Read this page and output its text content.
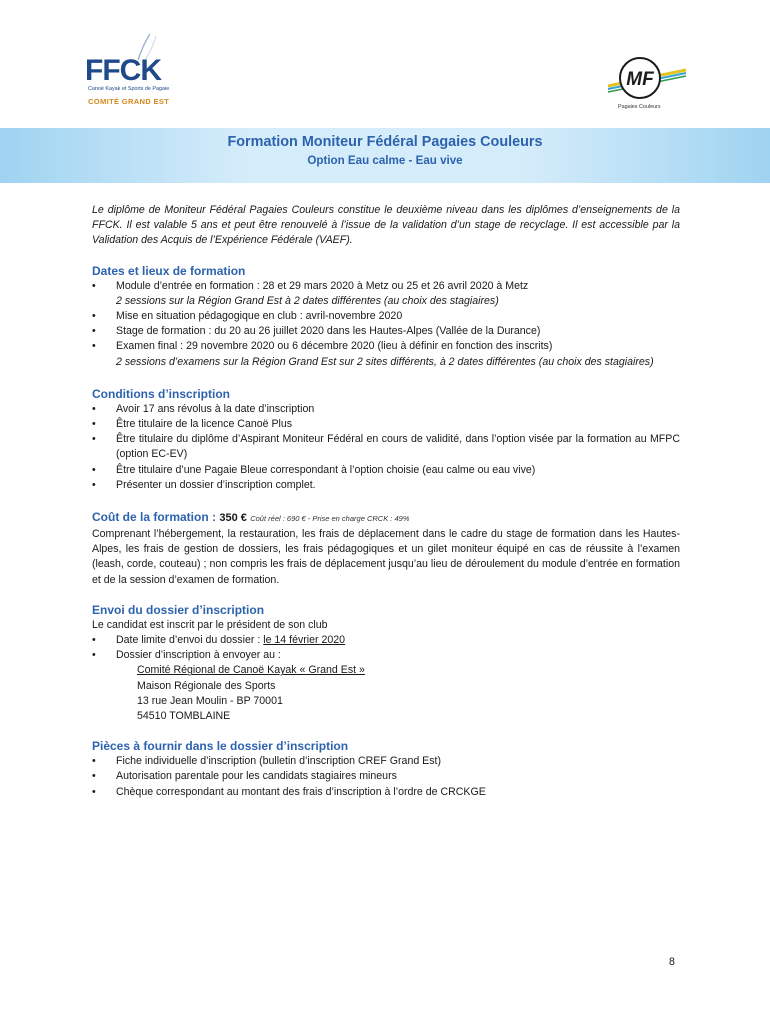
FFCK
Canoë Kayak et Sports de Pagaie
COMITÉ GRAND EST
MF
Pagaies Couleurs
Formation Moniteur Fédéral Pagaies Couleurs
Option Eau calme - Eau vive

Le diplôme de Moniteur Fédéral Pagaies Couleurs constitue le deuxième niveau dans les diplômes d’enseignements de la FFCK. Il est valable 5 ans et peut être renouvelé à l’issue de la validation d’un stage de recyclage. Il est accessible par la Validation des Acquis de l’Expérience Fédérale (VAEF).

Dates et lieux de formation
• Module d’entrée en formation : 28 et 29 mars 2020 à Metz ou 25 et 26 avril 2020 à Metz
2 sessions sur la Région Grand Est à 2 dates différentes (au choix des stagiaires)
• Mise en situation pédagogique en club : avril-novembre 2020
• Stage de formation : du 20 au 26 juillet 2020 dans les Hautes-Alpes (Vallée de la Durance)
• Examen final : 29 novembre 2020 ou 6 décembre 2020 (lieu à définir en fonction des inscrits)
2 sessions d’examens sur la Région Grand Est sur 2 sites différents, à 2 dates différentes (au choix des stagiaires)
Conditions d’inscription
• Avoir 17 ans révolus à la date d’inscription
• Être titulaire de la licence Canoë Plus
• Être titulaire du diplôme d’Aspirant Moniteur Fédéral en cours de validité, dans l’option visée par la formation au MFPC (option EC-EV)
• Être titulaire d’une Pagaie Bleue correspondant à l’option choisie (eau calme ou eau vive)
• Présenter un dossier d’inscription complet.
Coût de la formation : 350 € Coût réel : 690 € - Prise en charge CRCK : 49%

Comprenant l’hébergement, la restauration, les frais de déplacement dans le cadre du stage de formation dans les Hautes-Alpes, les frais de gestion de dossiers, les frais pédagogiques et un gilet moniteur équipé en cas de réussite à l’examen (leash, corde, couteau) ; non compris les frais de déplacement jusqu’au lieu de déroulement du module d’entrée en formation et de la session d’examen de formation.

Envoi du dossier d’inscription

Le candidat est inscrit par le président de son club

• Date limite d’envoi du dossier : le 14 février 2020
• Dossier d’inscription à envoyer au :
Comité Régional de Canoë Kayak « Grand Est »
Maison Régionale des Sports
13 rue Jean Moulin - BP 70001
54510 TOMBLAINE
Pièces à fournir dans le dossier d’inscription
• Fiche individuelle d’inscription (bulletin d’inscription CREF Grand Est)
• Autorisation parentale pour les candidats stagiaires mineurs
• Chèque correspondant au montant des frais d’inscription à l’ordre de CRCKGE
8
